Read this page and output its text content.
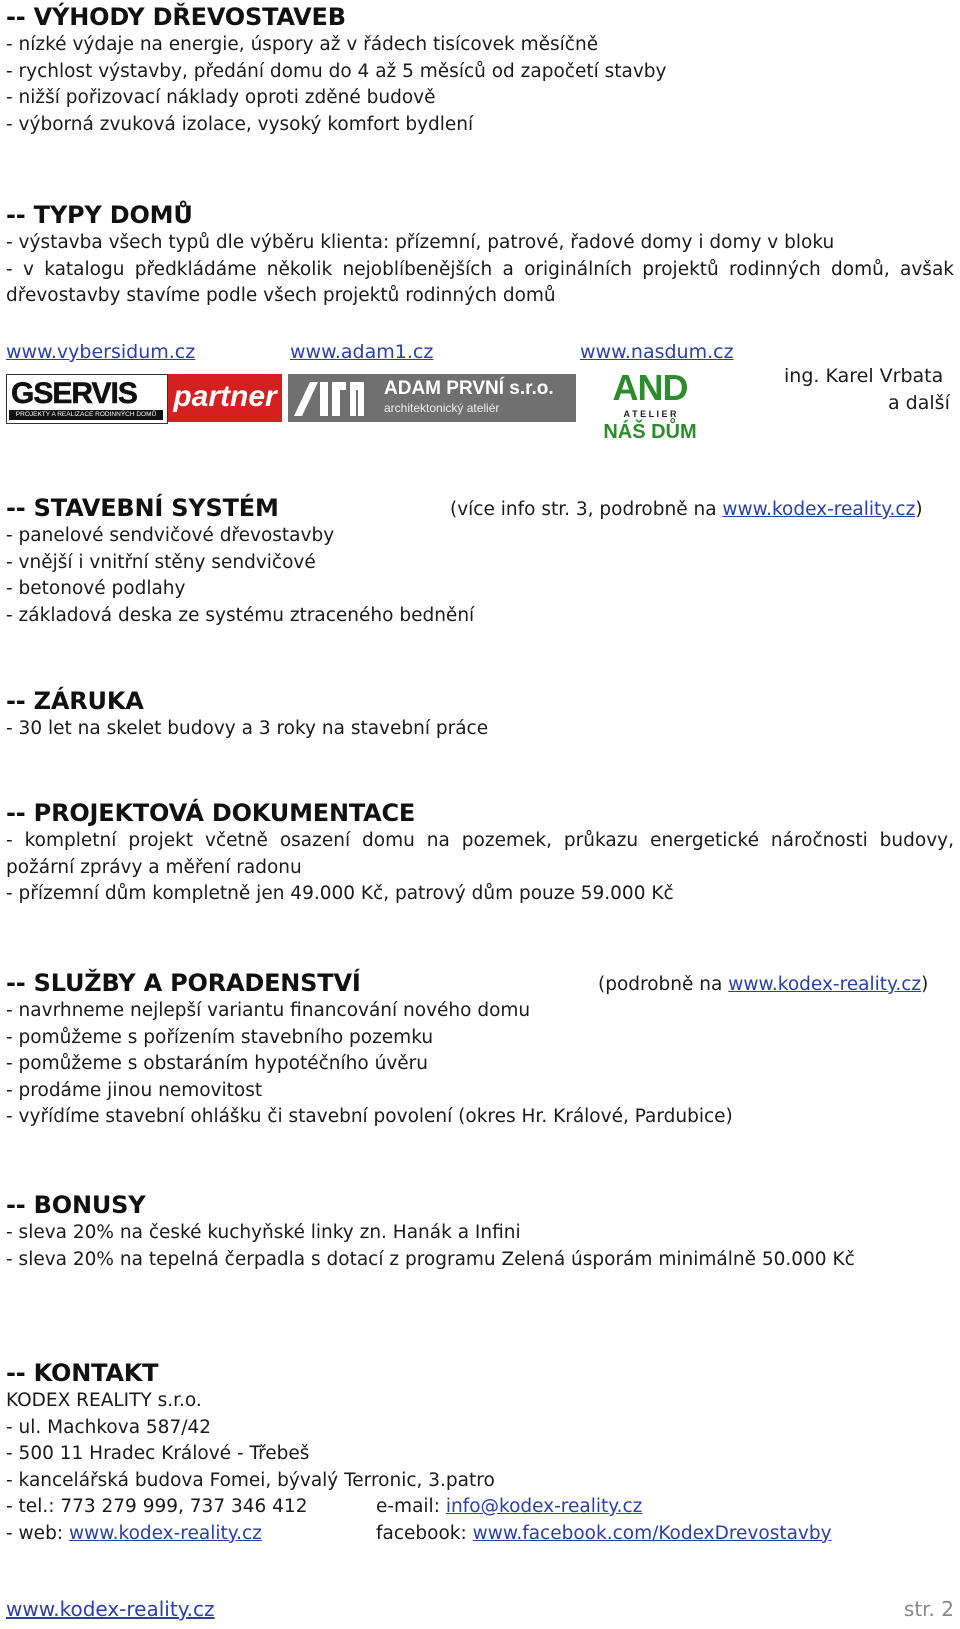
-- VÝHODY DŘEVOSTAVEB
- nízké výdaje na energie, úspory až v řádech tisícovek měsíčně
- rychlost výstavby, předání domu do 4 až 5 měsíců od započetí stavby
- nižší pořizovací náklady oproti zděné budově
- výborná zvuková izolace, vysoký komfort bydlení
-- TYPY DOMŮ
- výstavba všech typů dle výběru klienta: přízemní, patrové, řadové domy i domy v bloku
- v katalogu předkládáme několik nejoblíbenějších a originálních projektů rodinných domů, avšak dřevostavby stavíme podle všech projektů rodinných domů
www.vybersidum.cz	www.adam1.cz	www.nasdum.cz
ing. Karel Vrbata
a další
GSERVIS
PROJEKTY A REALIZACE RODINNÝCH DOMŮ
partner	ADAM PRVNÍ s.r.o.
architektonický ateliér	AND
A T E L I E R
NÁŠ DŮM
-- STAVEBNÍ SYSTÉM	(více info str. 3, podrobně na www.kodex-reality.cz)
- panelové sendvičové dřevostavby
- vnější i vnitřní stěny sendvičové
- betonové podlahy
- základová deska ze systému ztraceného bednění
-- ZÁRUKA
- 30 let na skelet budovy a 3 roky na stavební práce
-- PROJEKTOVÁ DOKUMENTACE
- kompletní projekt včetně osazení domu na pozemek, průkazu energetické náročnosti budovy, požární zprávy a měření radonu
- přízemní dům kompletně jen 49.000 Kč, patrový dům pouze 59.000 Kč
-- SLUŽBY A PORADENSTVÍ	(podrobně na www.kodex-reality.cz)
- navrhneme nejlepší variantu financování nového domu
- pomůžeme s pořízením stavebního pozemku
- pomůžeme s obstaráním hypotéčního úvěru
- prodáme jinou nemovitost
- vyřídíme stavební ohlášku či stavební povolení (okres Hr. Králové, Pardubice)
-- BONUSY
- sleva 20% na české kuchyňské linky zn. Hanák a Infini
- sleva 20% na tepelná čerpadla s dotací z programu Zelená úsporám minimálně 50.000 Kč
-- KONTAKT
KODEX REALITY s.r.o.
- ul. Machkova 587/42
- 500 11 Hradec Králové - Třebeš
- kancelářská budova Fomei, bývalý Terronic, 3.patro
- tel.: 773 279 999, 737 346 412	e-mail: info@kodex-reality.cz
- web: www.kodex-reality.cz	facebook: www.facebook.com/KodexDrevostavby
www.kodex-reality.cz	str. 2
